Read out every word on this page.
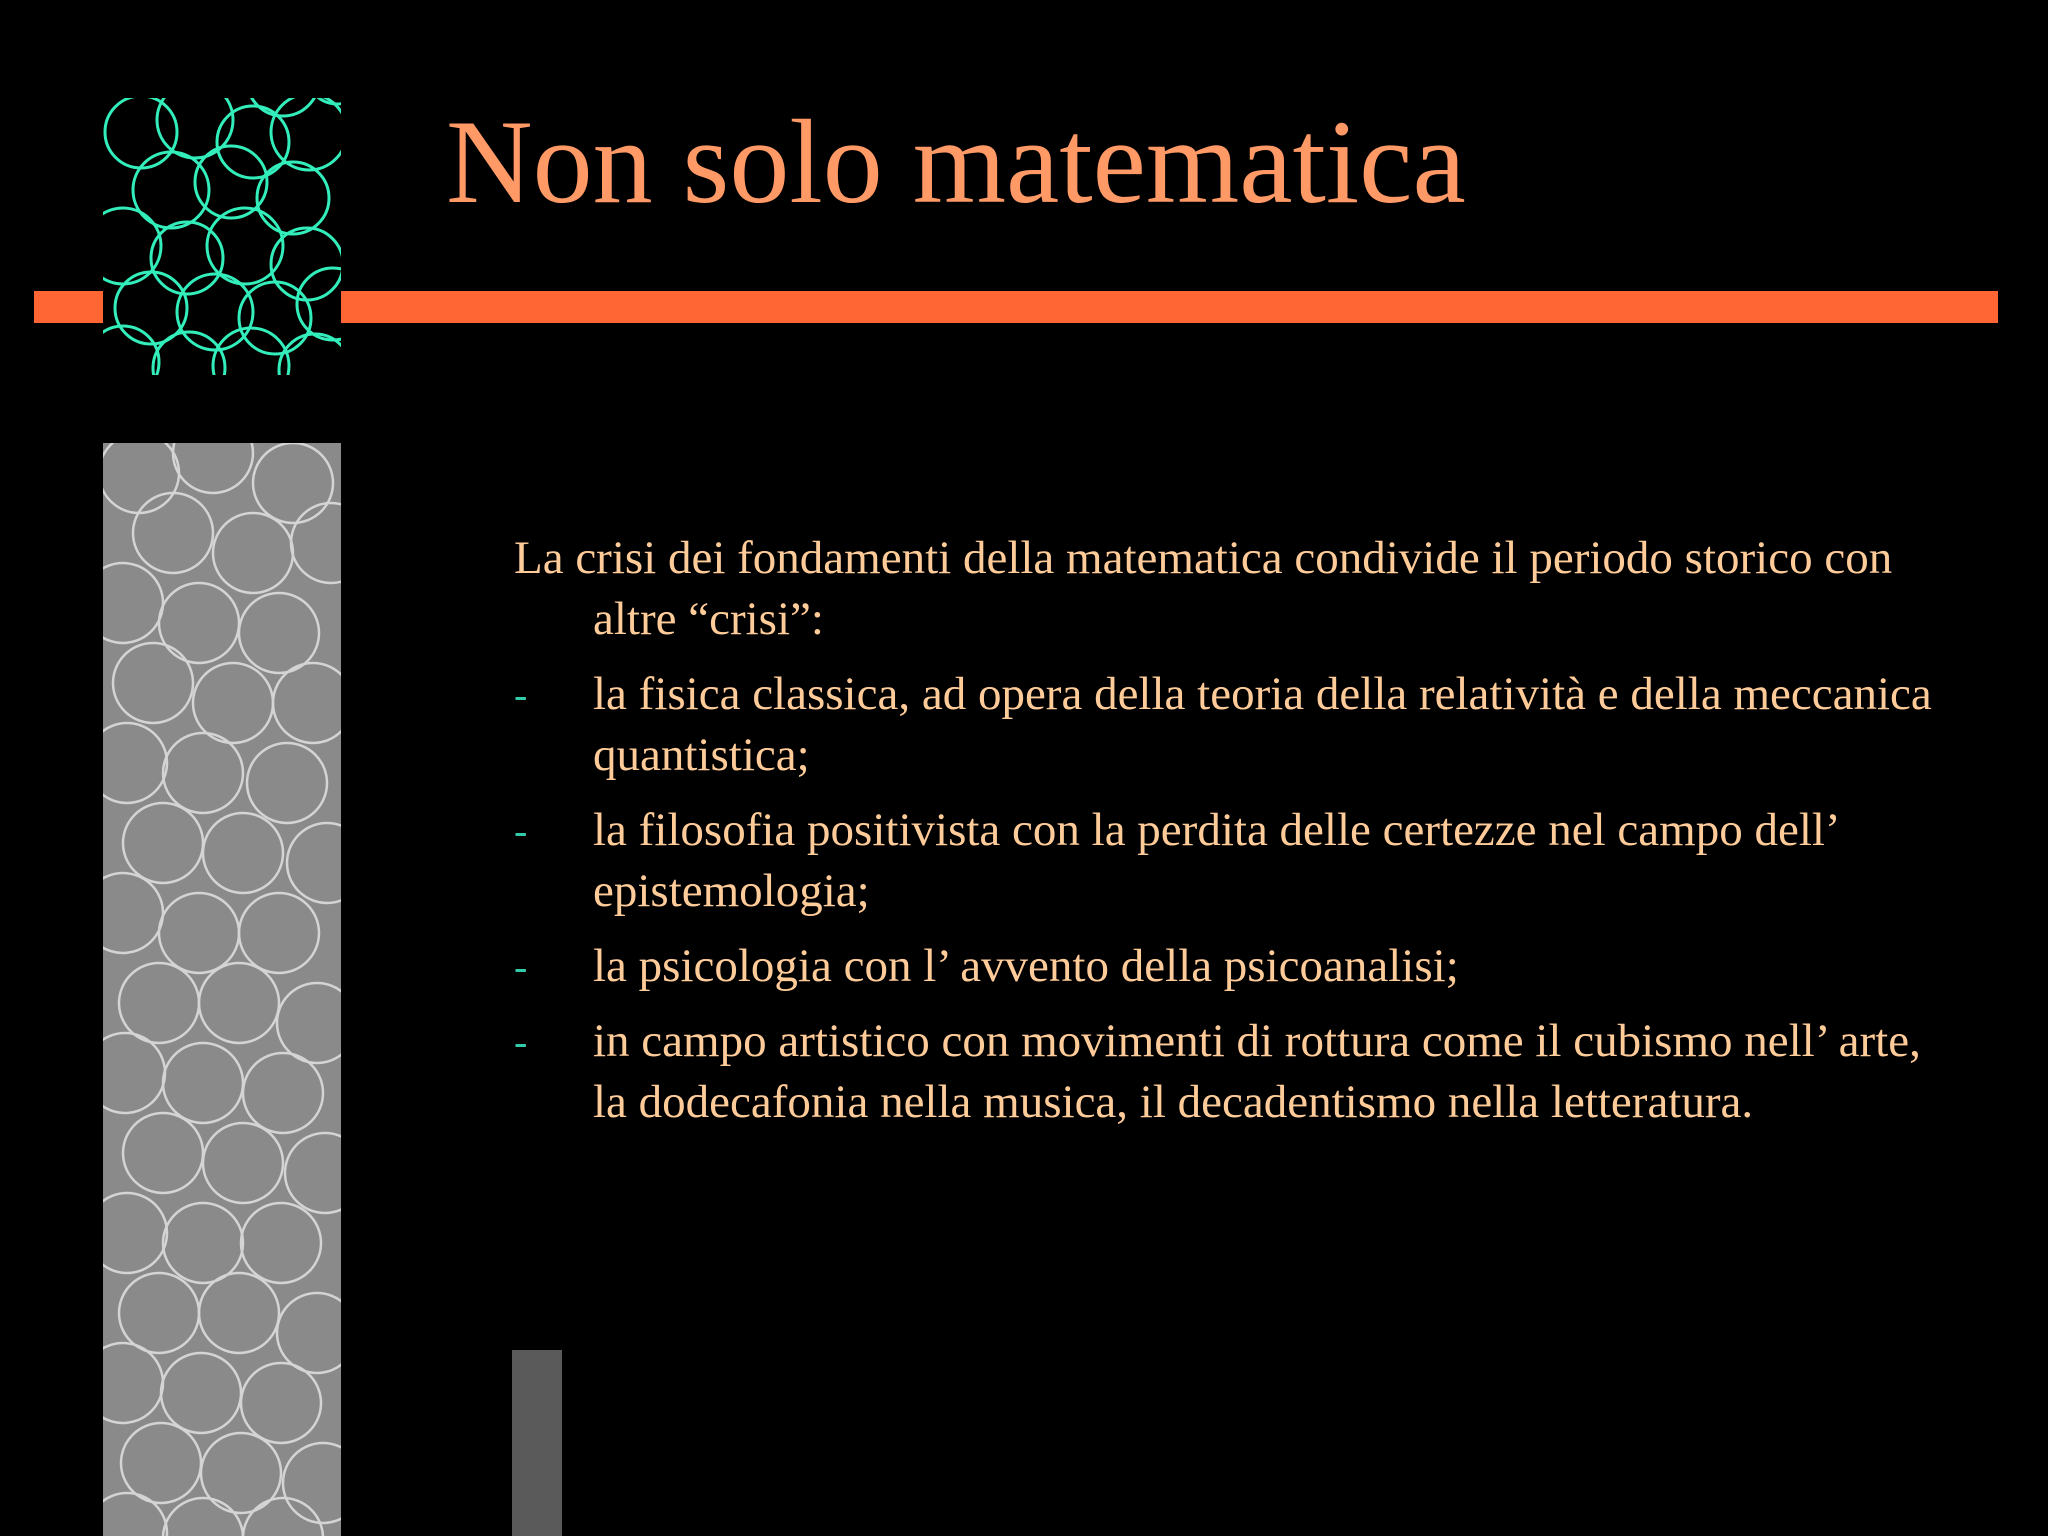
Non solo matematica

La crisi dei fondamenti della matematica condivide il periodo storico con altre “crisi”:

- la fisica classica, ad opera della teoria della relatività e della meccanica quantistica;
- la filosofia positivista con la perdita delle certezze nel campo dell’ epistemologia;
- la psicologia con l’ avvento della psicoanalisi;
- in campo artistico con movimenti di rottura come il cubismo nell’ arte, la dodecafonia nella musica, il decadentismo nella letteratura.
